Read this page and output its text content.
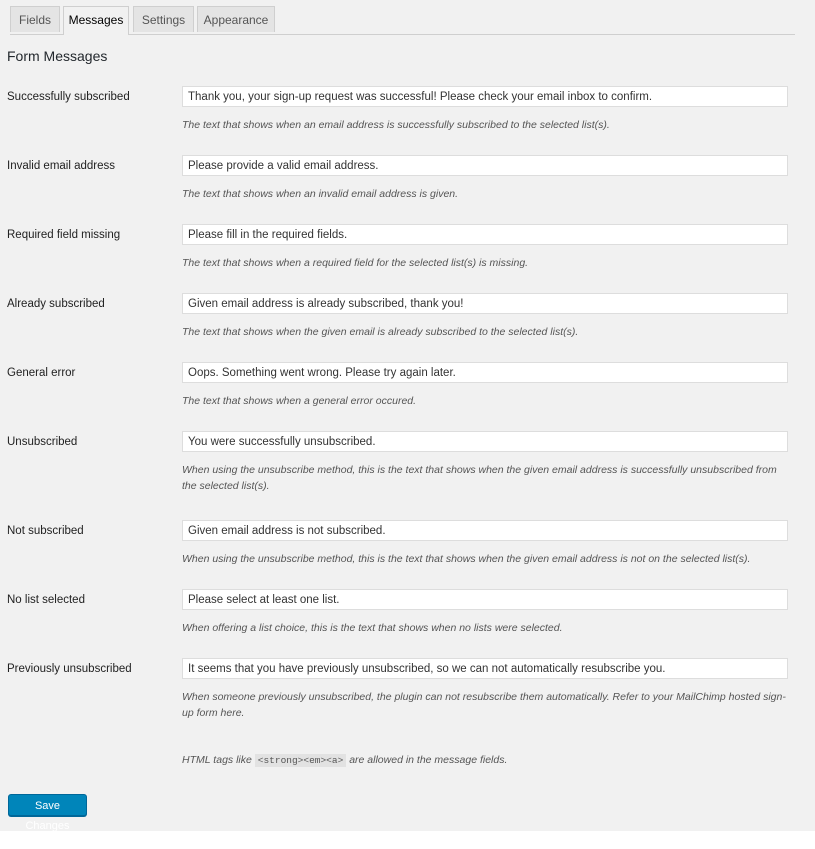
Fields	Messages	Settings	Appearance
Form Messages
Successfully subscribed
Thank you, your sign-up request was successful! Please check your email inbox to confirm.
The text that shows when an email address is successfully subscribed to the selected list(s).
Invalid email address
Please provide a valid email address.
The text that shows when an invalid email address is given.
Required field missing
Please fill in the required fields.
The text that shows when a required field for the selected list(s) is missing.
Already subscribed
Given email address is already subscribed, thank you!
The text that shows when the given email is already subscribed to the selected list(s).
General error
Oops. Something went wrong. Please try again later.
The text that shows when a general error occured.
Unsubscribed
You were successfully unsubscribed.
When using the unsubscribe method, this is the text that shows when the given email address is successfully unsubscribed from the selected list(s).
Not subscribed
Given email address is not subscribed.
When using the unsubscribe method, this is the text that shows when the given email address is not on the selected list(s).
No list selected
Please select at least one list.
When offering a list choice, this is the text that shows when no lists were selected.
Previously unsubscribed
It seems that you have previously unsubscribed, so we can not automatically resubscribe you.
When someone previously unsubscribed, the plugin can not resubscribe them automatically. Refer to your MailChimp hosted sign-up form here.
HTML tags like <strong><em><a> are allowed in the message fields.
Save Changes
